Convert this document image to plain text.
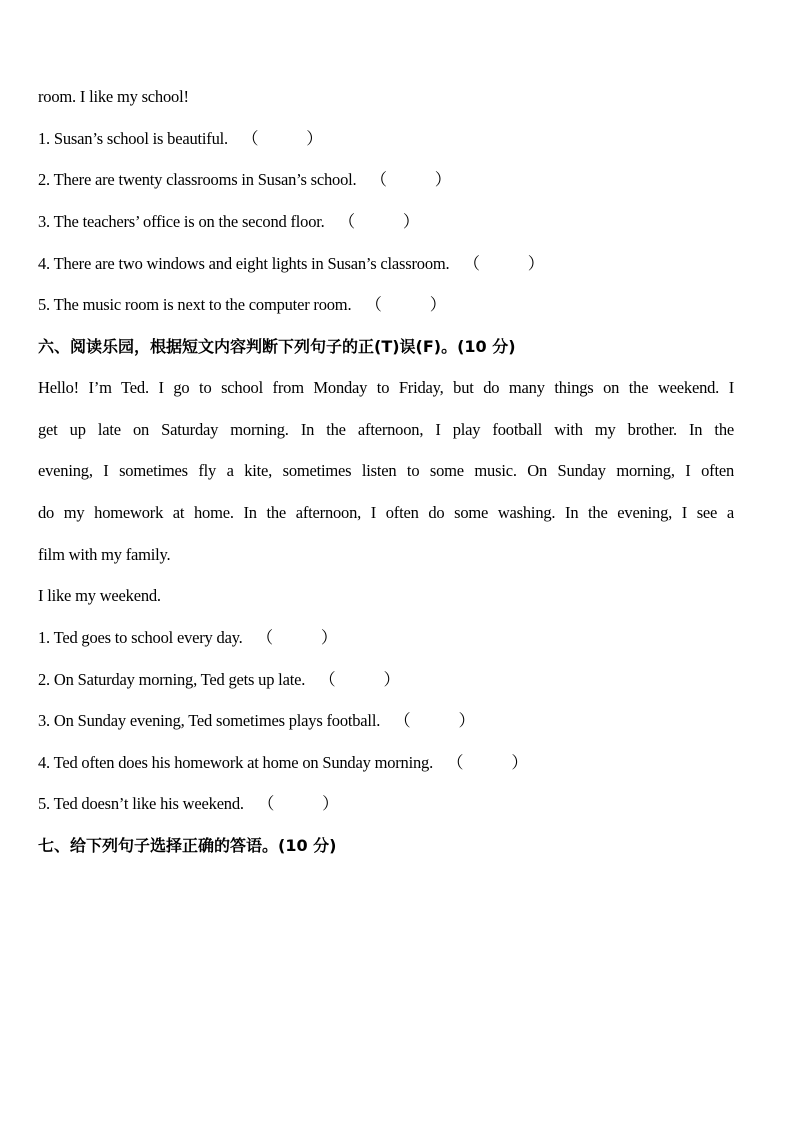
room. I like my school!
1. Susan’s school is beautiful. （	）
2. There are twenty classrooms in Susan’s school. （	）
3. The teachers’ office is on the second floor. （	）
4. There are two windows and eight lights in Susan’s classroom. （	）
5. The music room is next to the computer room. （	）
六、阅读乐园，根据短文内容判断下列句子的正(T)误(F)。(10 分)
Hello! I’m Ted. I go to school from Monday to Friday, but do many things on the weekend. I
get up late on Saturday morning. In the afternoon, I play football with my brother. In the
evening, I sometimes fly a kite, sometimes listen to some music. On Sunday morning, I often
do my homework at home. In the afternoon, I often do some washing. In the evening, I see a
film with my family.
I like my weekend.
1. Ted goes to school every day. （	）
2. On Saturday morning, Ted gets up late. （	）
3. On Sunday evening, Ted sometimes plays football. （	）
4. Ted often does his homework at home on Sunday morning. （	）
5. Ted doesn’t like his weekend. （	）
七、给下列句子选择正确的答语。(10 分)
